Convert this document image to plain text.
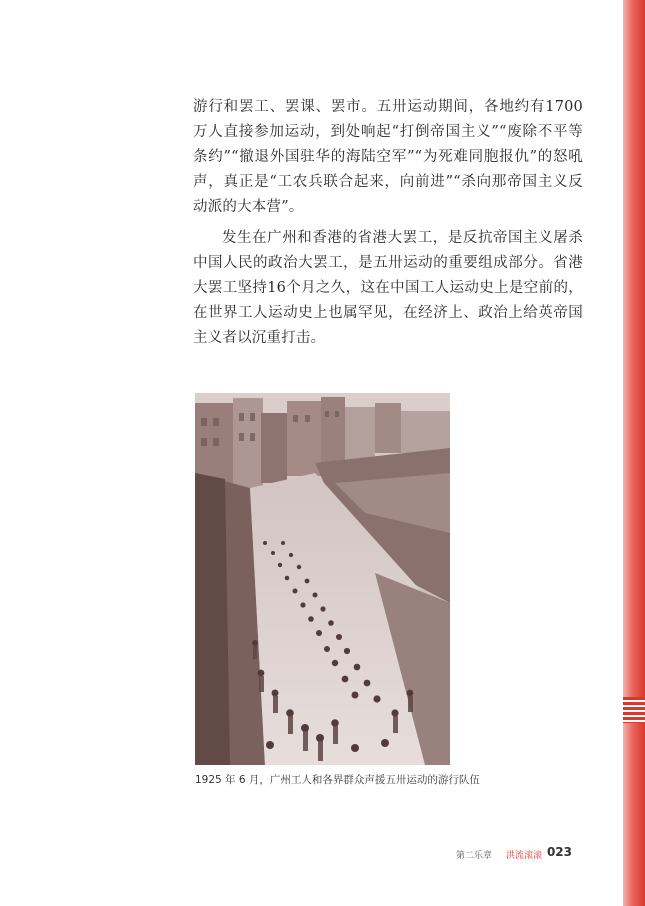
游行和罢工、罢课、罢市。五卅运动期间，各地约有1700万人直接参加运动，到处响起“打倒帝国主义”“废除不平等条约”“撤退外国驻华的海陆空军”“为死难同胞报仇”的怒吼声，真正是“工农兵联合起来，向前进”“杀向那帝国主义反动派的大本营”。

发生在广州和香港的省港大罢工，是反抗帝国主义屠杀中国人民的政治大罢工，是五卅运动的重要组成部分。省港大罢工坚持16个月之久，这在中国工人运动史上是空前的，在世界工人运动史上也属罕见，在经济上、政治上给英帝国主义者以沉重打击。

1925 年 6 月，广州工人和各界群众声援五卅运动的游行队伍

第二乐章 洪流滚滚 023
